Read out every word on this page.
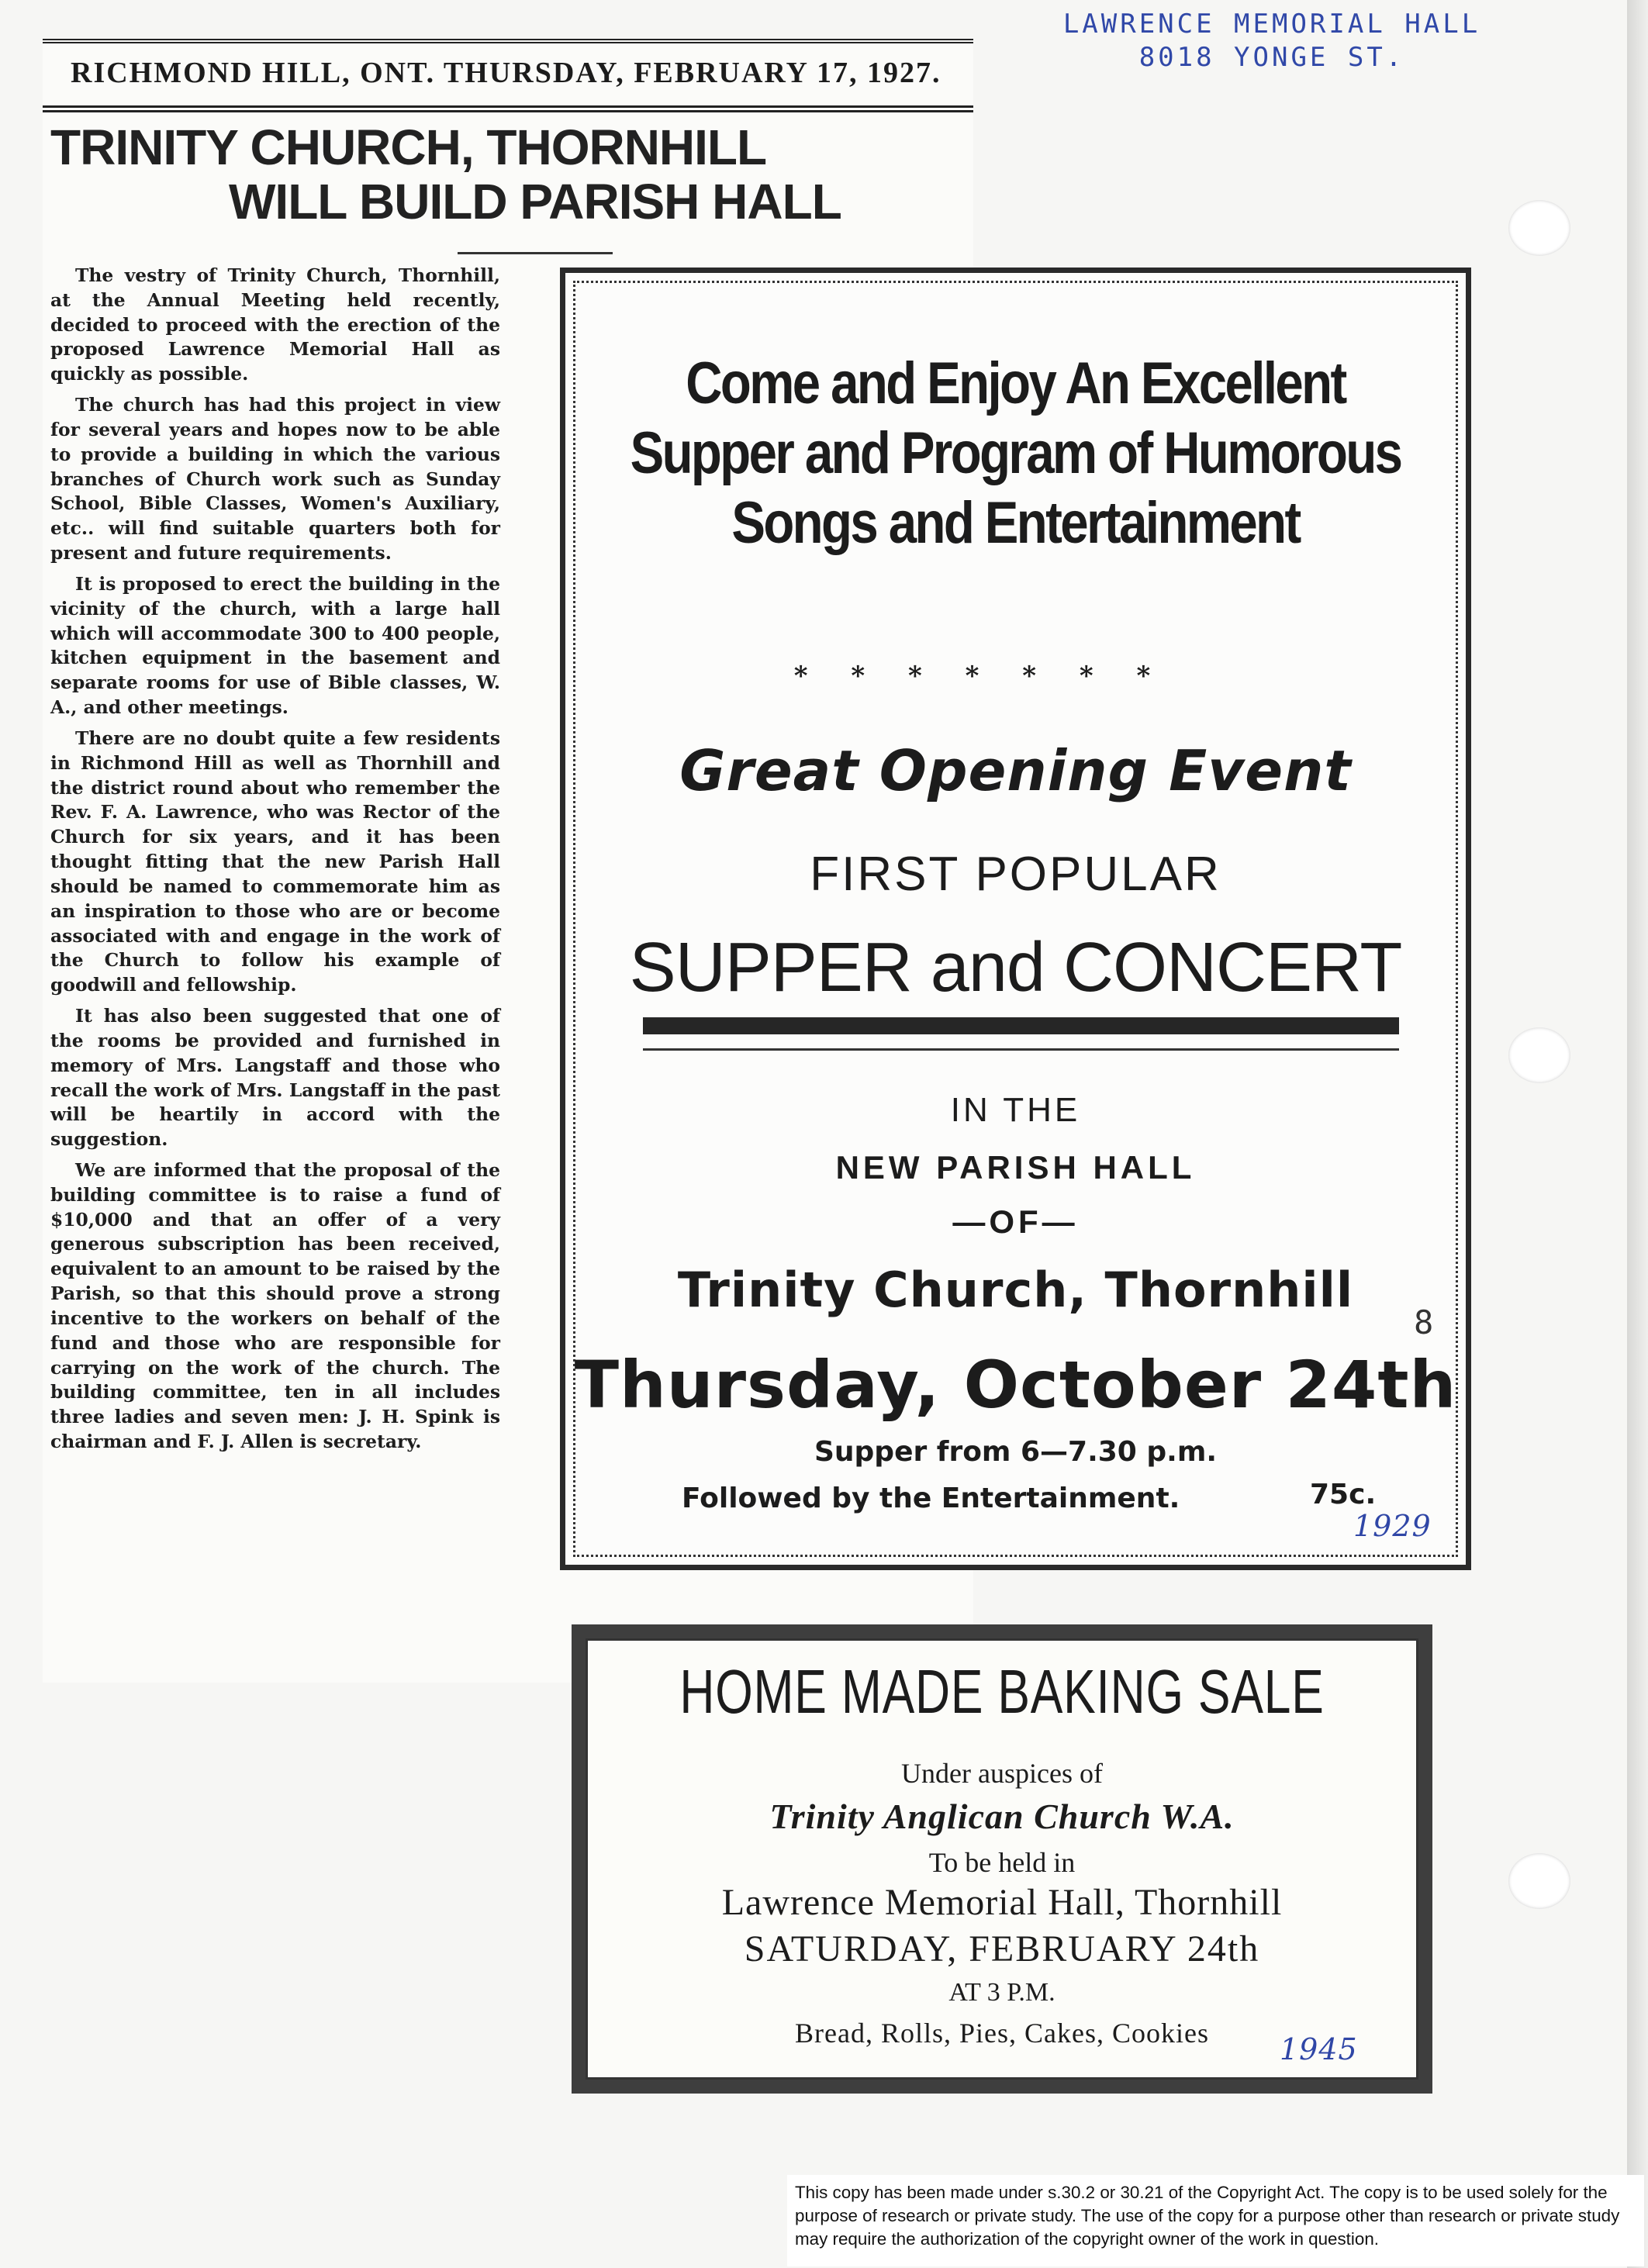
LAWRENCE MEMORIAL HALL
8018 YONGE ST.
RICHMOND HILL, ONT. THURSDAY, FEBRUARY 17, 1927.
TRINITY CHURCH, THORNHILL
WILL BUILD PARISH HALL

The vestry of Trinity Church, Thornhill, at the Annual Meeting held recently, decided to proceed with the erection of the proposed Lawrence Memorial Hall as quickly as possible.

The church has had this project in view for several years and hopes now to be able to provide a building in which the various branches of Church work such as Sunday School, Bible Classes, Women's Auxiliary, etc.. will find suitable quarters both for present and future requirements.

It is proposed to erect the building in the vicinity of the church, with a large hall which will accommodate 300 to 400 people, kitchen equipment in the basement and separate rooms for use of Bible classes, W. A., and other meetings.

There are no doubt quite a few residents in Richmond Hill as well as Thornhill and the district round about who remember the Rev. F. A. Lawrence, who was Rector of the Church for six years, and it has been thought fitting that the new Parish Hall should be named to commemorate him as an inspiration to those who are or become associated with and engage in the work of the Church to follow his example of goodwill and fellowship.

It has also been suggested that one of the rooms be provided and furnished in memory of Mrs. Langstaff and those who recall the work of Mrs. Langstaff in the past will be heartily in accord with the suggestion.

We are informed that the proposal of the building committee is to raise a fund of $10,000 and that an offer of a very generous subscription has been received, equivalent to an amount to be raised by the Parish, so that this should prove a strong incentive to the workers on behalf of the fund and those who are responsible for carrying on the work of the church. The building committee, ten in all includes three ladies and seven men: J. H. Spink is chairman and F. J. Allen is secretary.

Come and Enjoy An Excellent
Supper and Program of Humorous
Songs and Entertainment
* * * * * * *
Great Opening Event
FIRST POPULAR
SUPPER and CONCERT
IN THE
NEW PARISH HALL
—OF—
Trinity Church, Thornhill
Thursday, October 24th
Supper from 6—7.30 p.m.
Followed by the Entertainment.	75c.
1929
8
HOME MADE BAKING SALE
Under auspices of
Trinity Anglican Church W.A.
To be held in
Lawrence Memorial Hall, Thornhill
SATURDAY, FEBRUARY 24th
AT 3 P.M.
Bread, Rolls, Pies, Cakes, Cookies	1945
This copy has been made under s.30.2 or 30.21 of the Copyright Act. The copy is to be used solely for the purpose of research or private study. The use of the copy for a purpose other than research or private study may require the authorization of the copyright owner of the work in question.
